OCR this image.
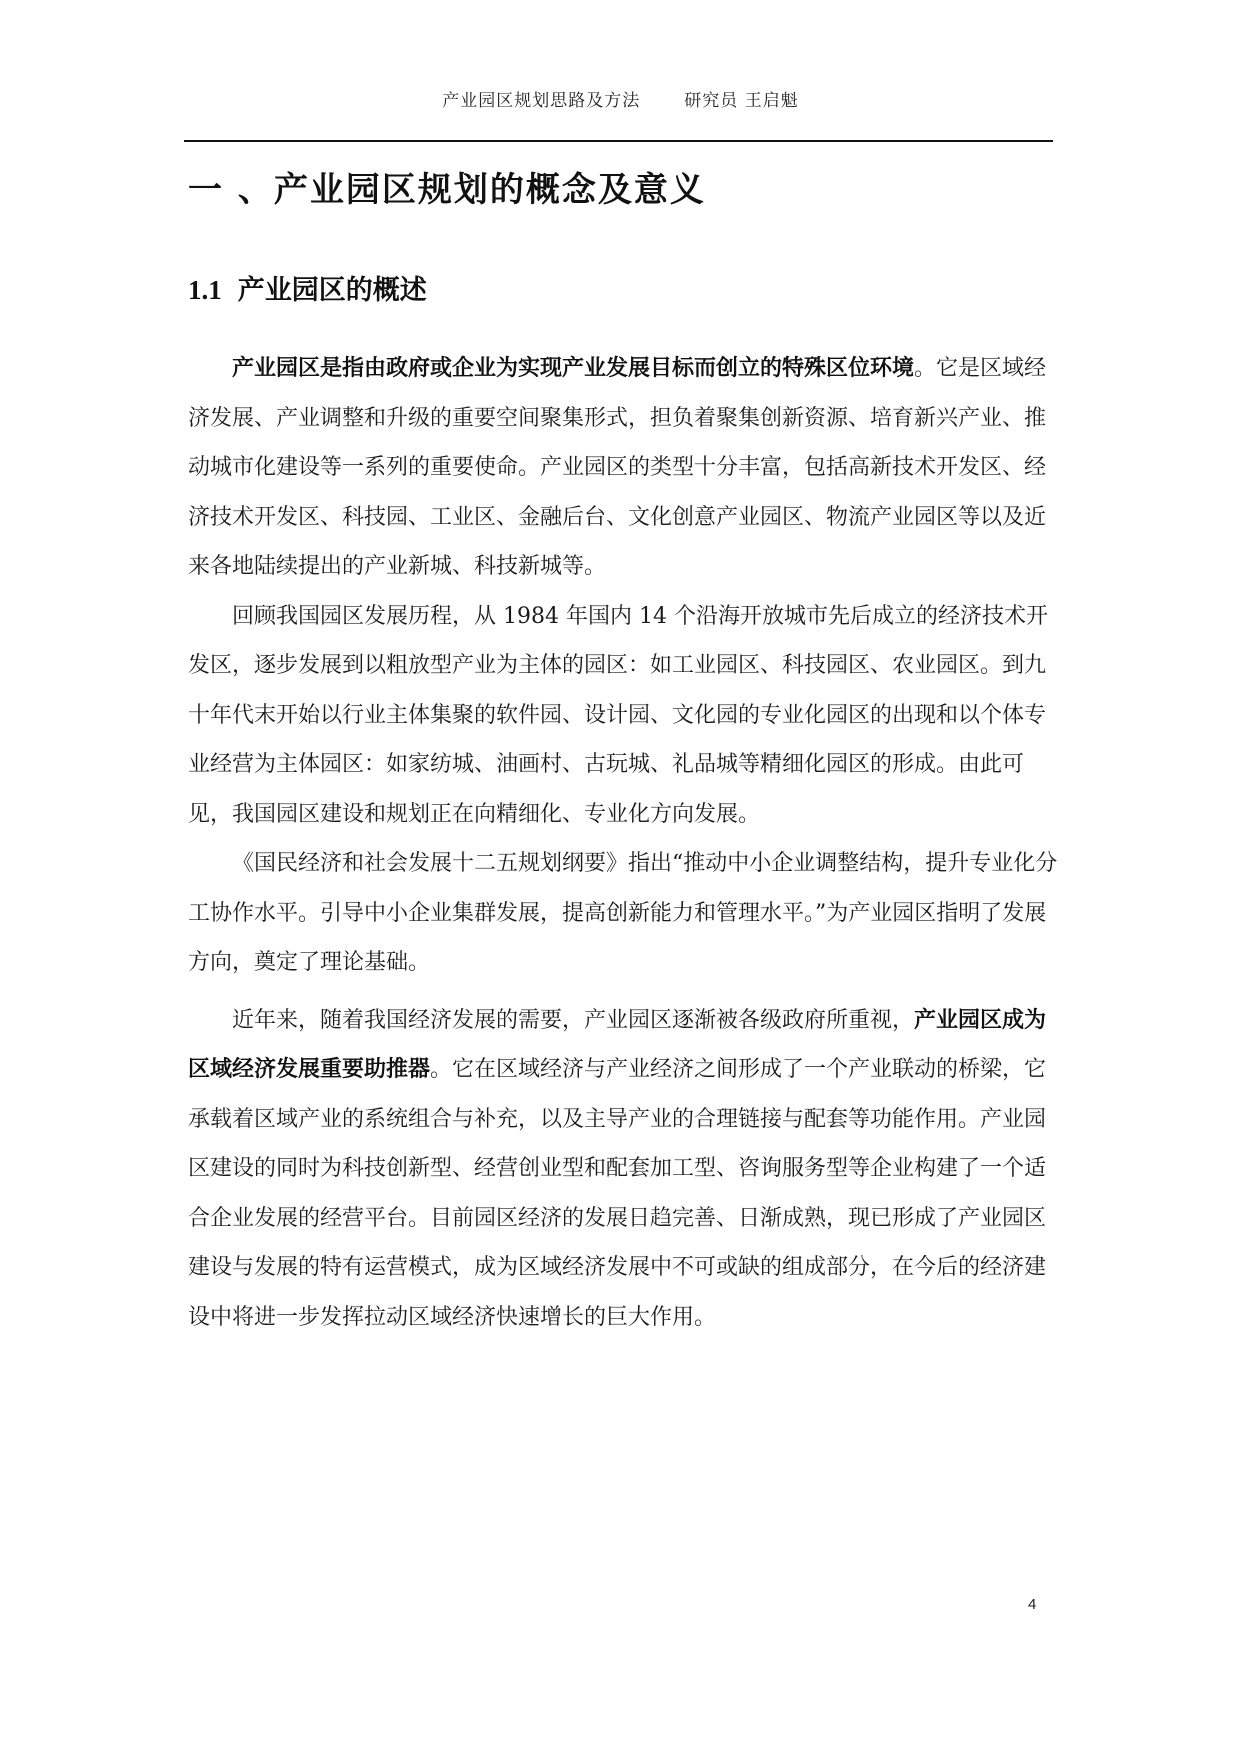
产业园区规划思路及方法	研究员 王启魁
一 、产业园区规划的概念及意义
1.1 产业园区的概述

产业园区是指由政府或企业为实现产业发展目标而创立的特殊区位环境。它是区域经济发展、产业调整和升级的重要空间聚集形式，担负着聚集创新资源、培育新兴产业、推动城市化建设等一系列的重要使命。产业园区的类型十分丰富，包括高新技术开发区、经济技术开发区、科技园、工业区、金融后台、文化创意产业园区、物流产业园区等以及近来各地陆续提出的产业新城、科技新城等。

回顾我国园区发展历程，从 1984 年国内 14 个沿海开放城市先后成立的经济技术开发区，逐步发展到以粗放型产业为主体的园区：如工业园区、科技园区、农业园区。到九十年代末开始以行业主体集聚的软件园、设计园、文化园的专业化园区的出现和以个体专业经营为主体园区：如家纺城、油画村、古玩城、礼品城等精细化园区的形成。由此可见，我国园区建设和规划正在向精细化、专业化方向发展。

《国民经济和社会发展十二五规划纲要》指出“推动中小企业调整结构，提升专业化分工协作水平。引导中小企业集群发展，提高创新能力和管理水平。”为产业园区指明了发展方向，奠定了理论基础。

近年来，随着我国经济发展的需要，产业园区逐渐被各级政府所重视，产业园区成为区域经济发展重要助推器。它在区域经济与产业经济之间形成了一个产业联动的桥梁，它承载着区域产业的系统组合与补充，以及主导产业的合理链接与配套等功能作用。产业园区建设的同时为科技创新型、经营创业型和配套加工型、咨询服务型等企业构建了一个适合企业发展的经营平台。目前园区经济的发展日趋完善、日渐成熟，现已形成了产业园区建设与发展的特有运营模式，成为区域经济发展中不可或缺的组成部分，在今后的经济建设中将进一步发挥拉动区域经济快速增长的巨大作用。

4
